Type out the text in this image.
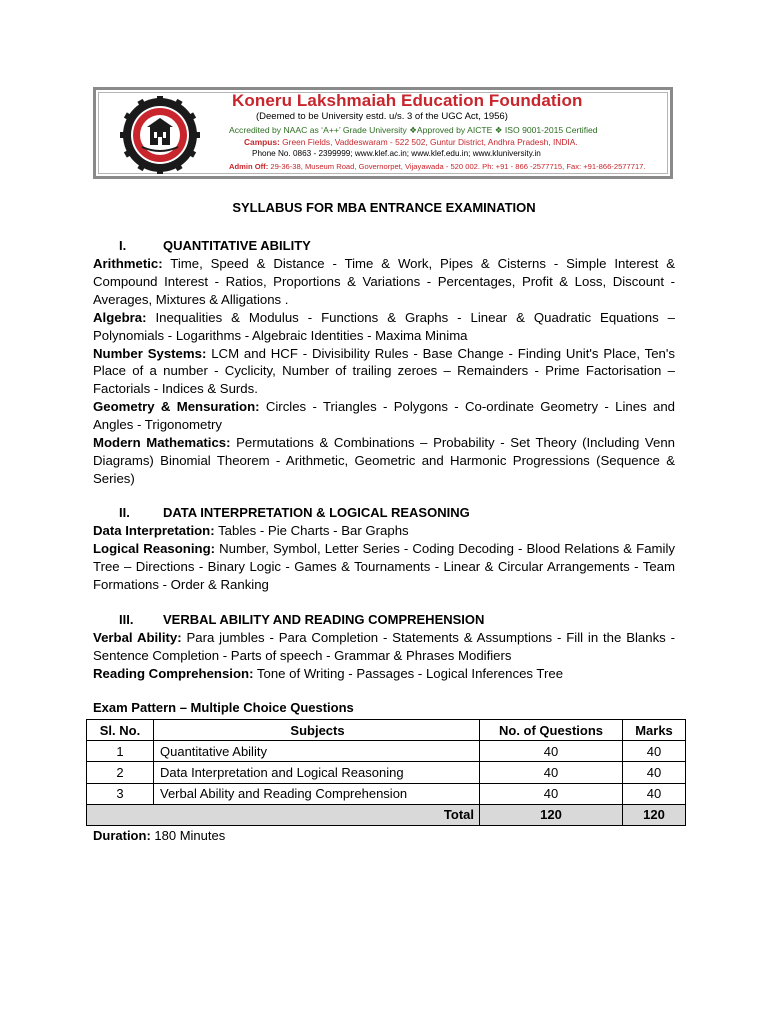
Koneru Lakshmaiah Education Foundation
(Deemed to be University estd. u/s. 3 of the UGC Act, 1956)
Accredited by NAAC as ‘A++’ Grade University ❖Approved by AICTE ❖ ISO 9001-2015 Certified
Campus: Green Fields, Vaddeswaram - 522 502, Guntur District, Andhra Pradesh, INDIA.
Phone No. 0863 - 2399999; www.klef.ac.in; www.klef.edu.in; www.kluniversity.in
Admin Off: 29-36-38, Museum Road, Governorpet, Vijayawada - 520 002. Ph: +91 - 866 -2577715, Fax: +91-866-2577717.
SYLLABUS FOR MBA ENTRANCE EXAMINATION
I.	QUANTITATIVE ABILITY
Arithmetic: Time, Speed & Distance - Time & Work, Pipes & Cisterns - Simple Interest & Compound Interest - Ratios, Proportions & Variations - Percentages, Profit & Loss, Discount - Averages, Mixtures & Alligations .
Algebra: Inequalities & Modulus - Functions & Graphs - Linear & Quadratic Equations – Polynomials - Logarithms - Algebraic Identities - Maxima Minima
Number Systems: LCM and HCF - Divisibility Rules - Base Change - Finding Unit's Place, Ten's Place of a number - Cyclicity, Number of trailing zeroes – Remainders - Prime Factorisation – Factorials - Indices & Surds.
Geometry & Mensuration: Circles - Triangles - Polygons - Co-ordinate Geometry - Lines and Angles - Trigonometry
Modern Mathematics: Permutations & Combinations – Probability - Set Theory (Including Venn Diagrams) Binomial Theorem - Arithmetic, Geometric and Harmonic Progressions (Sequence & Series)
II.	DATA INTERPRETATION & LOGICAL REASONING
Data Interpretation: Tables - Pie Charts - Bar Graphs
Logical Reasoning: Number, Symbol, Letter Series - Coding Decoding - Blood Relations & Family Tree – Directions - Binary Logic - Games & Tournaments - Linear & Circular Arrangements - Team Formations - Order & Ranking
III. VERBAL ABILITY AND READING COMPREHENSION
Verbal Ability: Para jumbles - Para Completion - Statements & Assumptions - Fill in the Blanks - Sentence Completion - Parts of speech - Grammar & Phrases Modifiers
Reading Comprehension: Tone of Writing - Passages - Logical Inferences Tree
Exam Pattern – Multiple Choice Questions
Sl. No.	Subjects	No. of Questions	Marks
1	Quantitative Ability	40	40
2	Data Interpretation and Logical Reasoning	40	40
3	Verbal Ability and Reading Comprehension	40	40
Total		120	120
Duration: 180 Minutes
